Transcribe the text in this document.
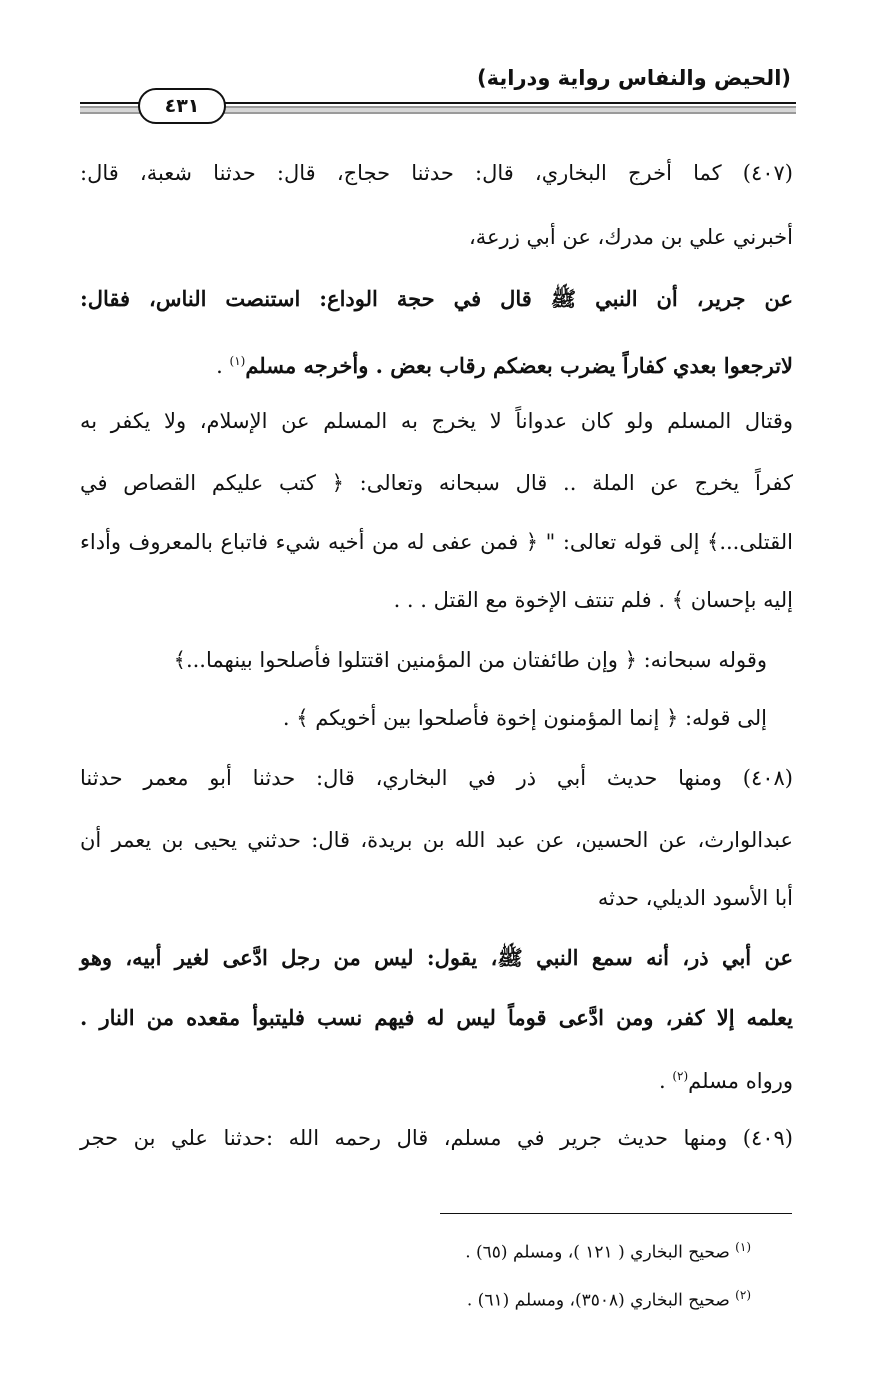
(الحيض والنفاس رواية ودراية)
٤٣١
(٤٠٧) كما أخرج البخاري، قال: حدثنا حجاج، قال: حدثنا شعبة، قال:
أخبرني علي بن مدرك، عن أبي زرعة،
عن جرير، أن النبي ﷺ قال في حجة الوداع: استنصت الناس، فقال:
لاترجعوا بعدي كفاراً يضرب بعضكم رقاب بعض . وأخرجه مسلم$^{(١)}$ .
وقتال المسلم ولو كان عدواناً لا يخرج به المسلم عن الإسلام، ولا يكفر به
كفراً يخرج عن الملة .. قال سبحانه وتعالى: ﴿ كتب عليكم القصاص في
القتلى...﴾ إلى قوله تعالى: " ﴿ فمن عفى له من أخيه شيء فاتباع بالمعروف وأداء
إليه بإحسان ﴾ . فلم تنتف الإخوة مع القتل . . .
وقوله سبحانه: ﴿ وإن طائفتان من المؤمنين اقتتلوا فأصلحوا بينهما...﴾
إلى قوله: ﴿ إنما المؤمنون إخوة فأصلحوا بين أخويكم ﴾ .
(٤٠٨) ومنها حديث أبي ذر في البخاري، قال: حدثنا أبو معمر حدثنا
عبدالوارث، عن الحسين، عن عبد الله بن بريدة، قال: حدثني يحيى بن يعمر أن
أبا الأسود الديلي، حدثه
عن أبي ذر، أنه سمع النبي ﷺ، يقول: ليس من رجل ادَّعى لغير أبيه، وهو
يعلمه إلا كفر، ومن ادَّعى قوماً ليس له فيهم نسب فليتبوأ مقعده من النار .
ورواه مسلم$^{(٢)}$ .
(٤٠٩) ومنها حديث جرير في مسلم، قال رحمه الله :حدثنا علي بن حجر
$^{(١)}$ صحيح البخاري ( ١٢١ )، ومسلم (٦٥) .
$^{(٢)}$ صحيح البخاري (٣٥٠٨)، ومسلم (٦١) .
